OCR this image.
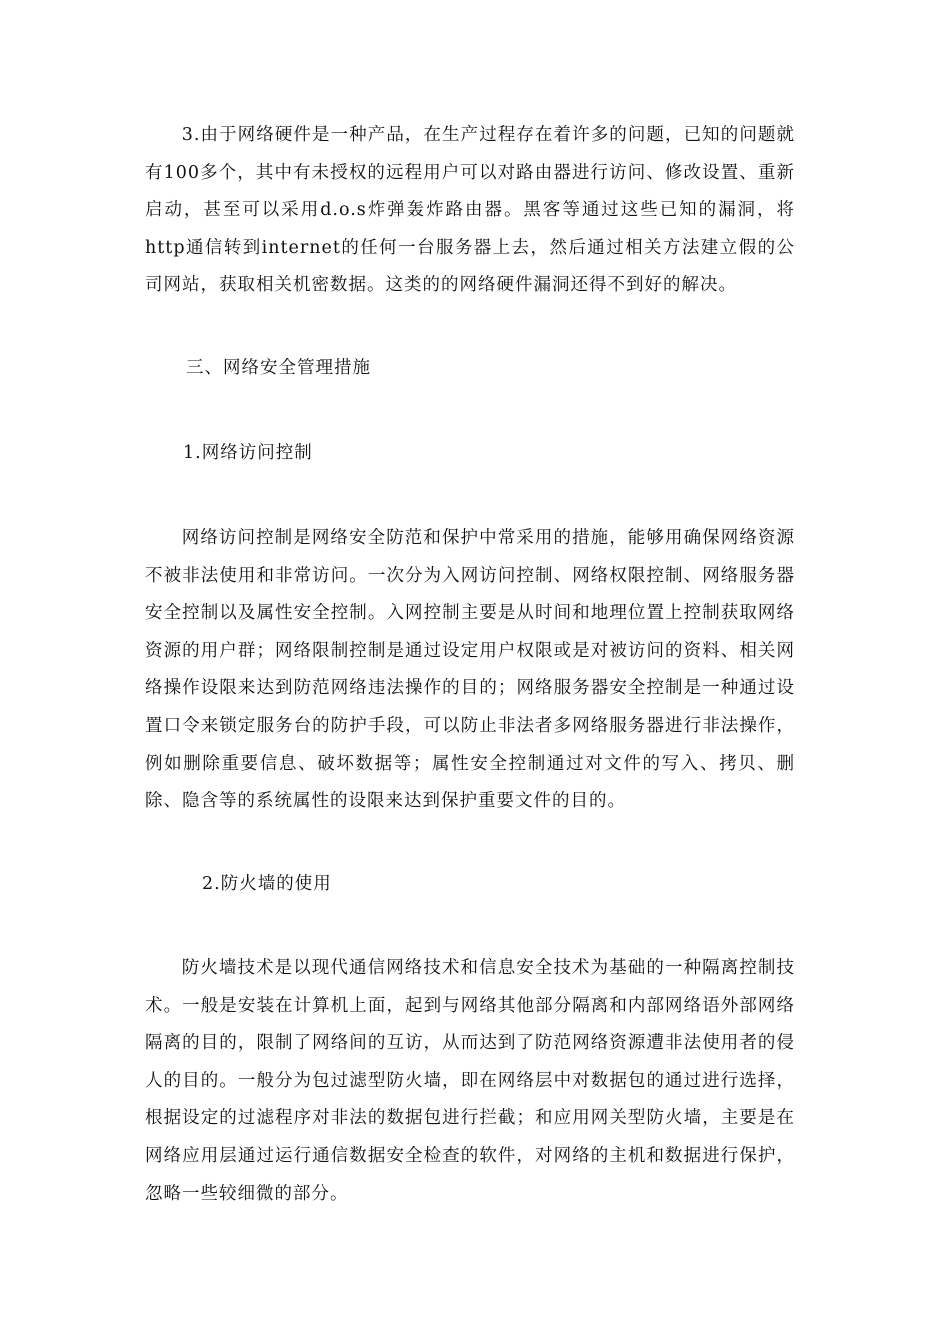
3.由于网络硬件是一种产品，在生产过程存在着许多的问题，已知的问题就有100多个，其中有未授权的远程用户可以对路由器进行访问、修改设置、重新启动，甚至可以采用d.o.s炸弹轰炸路由器。黑客等通过这些已知的漏洞，将http通信转到internet的任何一台服务器上去，然后通过相关方法建立假的公司网站，获取相关机密数据。这类的的网络硬件漏洞还得不到好的解决。

三、网络安全管理措施

1.网络访问控制

网络访问控制是网络安全防范和保护中常采用的措施，能够用确保网络资源不被非法使用和非常访问。一次分为入网访问控制、网络权限控制、网络服务器安全控制以及属性安全控制。入网控制主要是从时间和地理位置上控制获取网络资源的用户群；网络限制控制是通过设定用户权限或是对被访问的资料、相关网络操作设限来达到防范网络违法操作的目的；网络服务器安全控制是一种通过设置口令来锁定服务台的防护手段，可以防止非法者多网络服务器进行非法操作，例如删除重要信息、破坏数据等；属性安全控制通过对文件的写入、拷贝、删除、隐含等的系统属性的设限来达到保护重要文件的目的。

2.防火墙的使用

防火墙技术是以现代通信网络技术和信息安全技术为基础的一种隔离控制技术。一般是安装在计算机上面，起到与网络其他部分隔离和内部网络语外部网络隔离的目的，限制了网络间的互访，从而达到了防范网络资源遭非法使用者的侵人的目的。一般分为包过滤型防火墙，即在网络层中对数据包的通过进行选择，根据设定的过滤程序对非法的数据包进行拦截；和应用网关型防火墙，主要是在网络应用层通过运行通信数据安全检查的软件，对网络的主机和数据进行保护，忽略一些较细微的部分。
